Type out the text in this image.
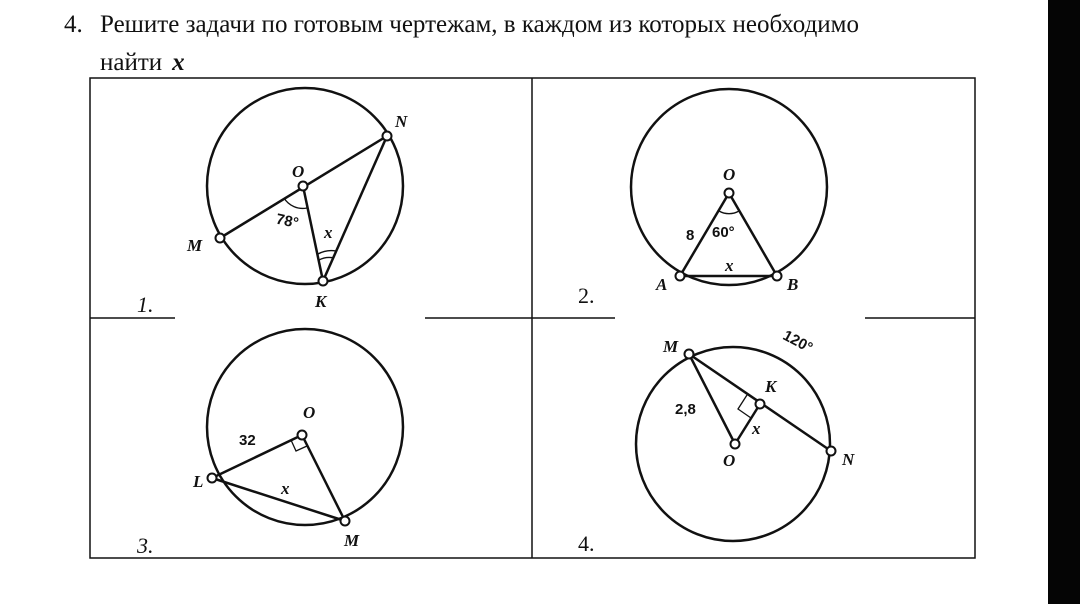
4. Решите задачи по готовым чертежам, в каждом из которых необходимо
найти x
O
N
M
K
78°
x
1.
O
A	B
8 60°
x
2.
O
L
M
32
x
3.
M
K
O	N
120°
2,8
x
4.
